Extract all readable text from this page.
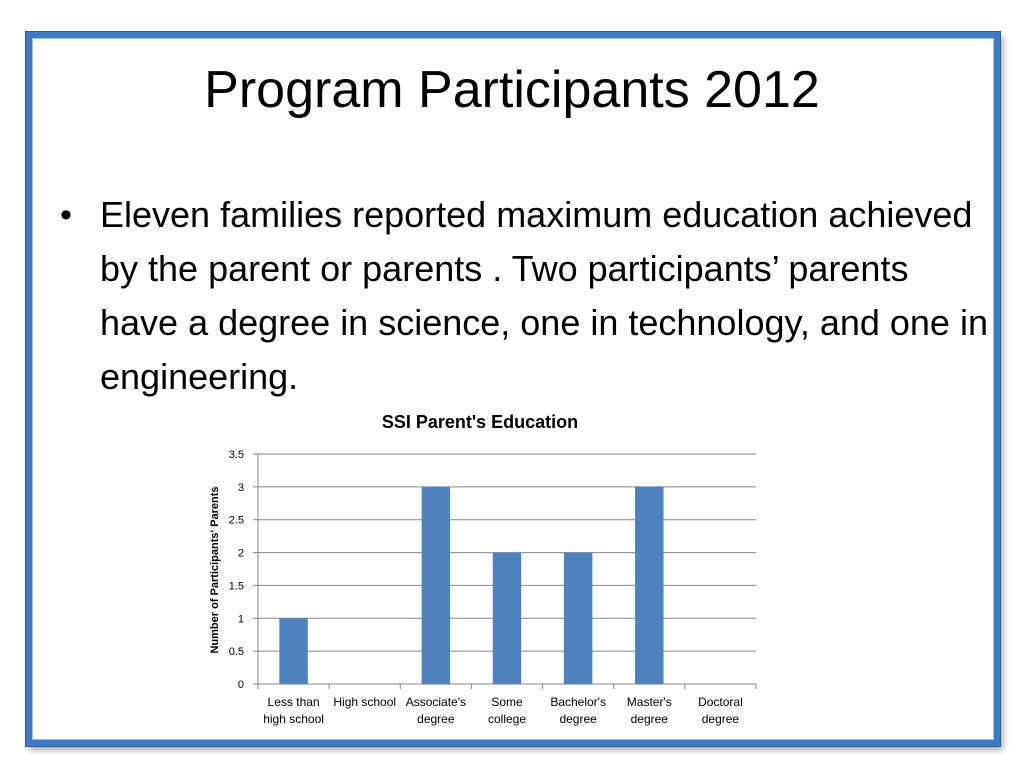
Program Participants 2012
• Eleven families reported maximum education achieved by the parent or parents . Two participants’ parents have a degree in science, one in technology, and one in engineering.
SSI Parent's Education
0
0.5
1
1.5
2
2.5
3
3.5
Less than
high school
High school Associate's
degree
Some
college
Bachelor's
degree
Master's
degree
Doctoral
degree
Number of Participants' Parents
